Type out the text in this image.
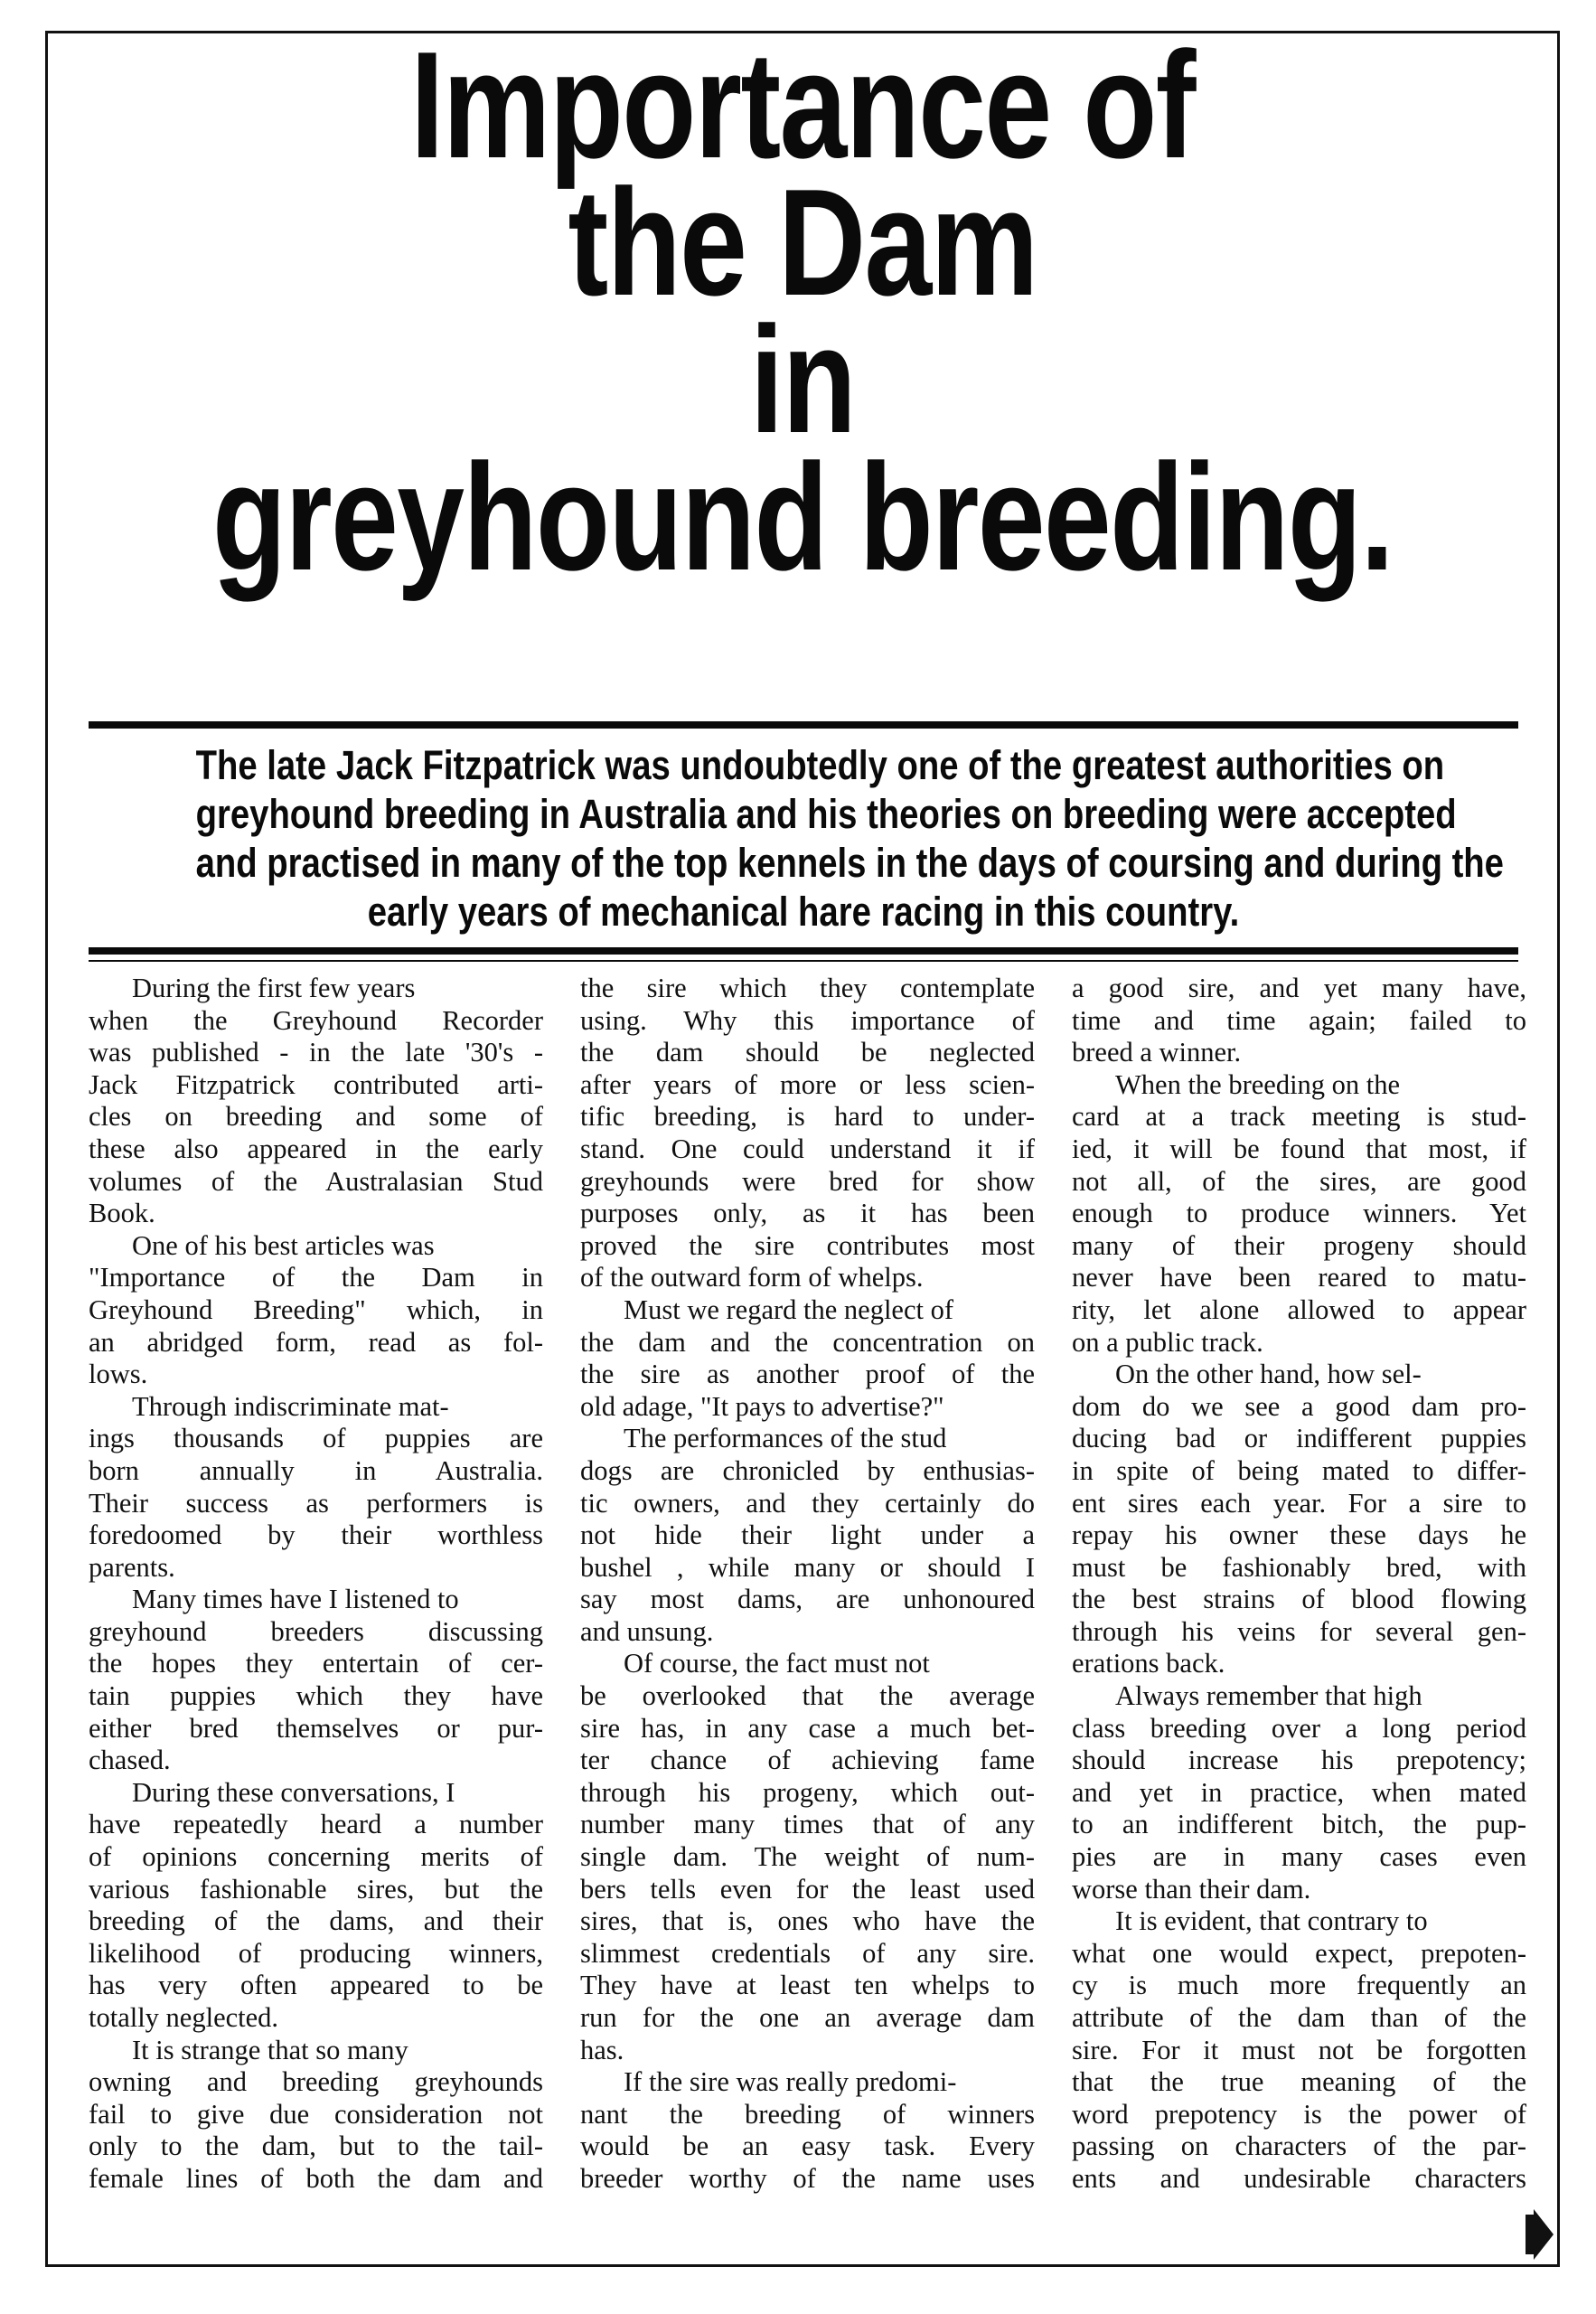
Importance of
the Dam
in
greyhound breeding.
The late Jack Fitzpatrick was undoubtedly one of the greatest authorities on
greyhound breeding in Australia and his theories on breeding were accepted
and practised in many of the top kennels in the days of coursing and during the
early years of mechanical hare racing in this country.
During the first few years
when the Greyhound Recorder
was published - in the late '30's -
Jack Fitzpatrick contributed arti-
cles on breeding and some of
these also appeared in the early
volumes of the Australasian Stud
Book.
One of his best articles was
"Importance of the Dam in
Greyhound Breeding" which, in
an abridged form, read as fol-
lows.
Through indiscriminate mat-
ings thousands of puppies are
born annually in Australia.
Their success as performers is
foredoomed by their worthless
parents.
Many times have I listened to
greyhound breeders discussing
the hopes they entertain of cer-
tain puppies which they have
either bred themselves or pur-
chased.
During these conversations, I
have repeatedly heard a number
of opinions concerning merits of
various fashionable sires, but the
breeding of the dams, and their
likelihood of producing winners,
has very often appeared to be
totally neglected.
It is strange that so many
owning and breeding greyhounds
fail to give due consideration not
only to the dam, but to the tail-
female lines of both the dam and
the sire which they contemplate
using. Why this importance of
the dam should be neglected
after years of more or less scien-
tific breeding, is hard to under-
stand. One could understand it if
greyhounds were bred for show
purposes only, as it has been
proved the sire contributes most
of the outward form of whelps.
Must we regard the neglect of
the dam and the concentration on
the sire as another proof of the
old adage, "It pays to advertise?"
The performances of the stud
dogs are chronicled by enthusias-
tic owners, and they certainly do
not hide their light under a
bushel , while many or should I
say most dams, are unhonoured
and unsung.
Of course, the fact must not
be overlooked that the average
sire has, in any case a much bet-
ter chance of achieving fame
through his progeny, which out-
number many times that of any
single dam. The weight of num-
bers tells even for the least used
sires, that is, ones who have the
slimmest credentials of any sire.
They have at least ten whelps to
run for the one an average dam
has.
If the sire was really predomi-
nant the breeding of winners
would be an easy task. Every
breeder worthy of the name uses
a good sire, and yet many have,
time and time again; failed to
breed a winner.
When the breeding on the
card at a track meeting is stud-
ied, it will be found that most, if
not all, of the sires, are good
enough to produce winners. Yet
many of their progeny should
never have been reared to matu-
rity, let alone allowed to appear
on a public track.
On the other hand, how sel-
dom do we see a good dam pro-
ducing bad or indifferent puppies
in spite of being mated to differ-
ent sires each year. For a sire to
repay his owner these days he
must be fashionably bred, with
the best strains of blood flowing
through his veins for several gen-
erations back.
Always remember that high
class breeding over a long period
should increase his prepotency;
and yet in practice, when mated
to an indifferent bitch, the pup-
pies are in many cases even
worse than their dam.
It is evident, that contrary to
what one would expect, prepoten-
cy is much more frequently an
attribute of the dam than of the
sire. For it must not be forgotten
that the true meaning of the
word prepotency is the power of
passing on characters of the par-
ents and undesirable characters
